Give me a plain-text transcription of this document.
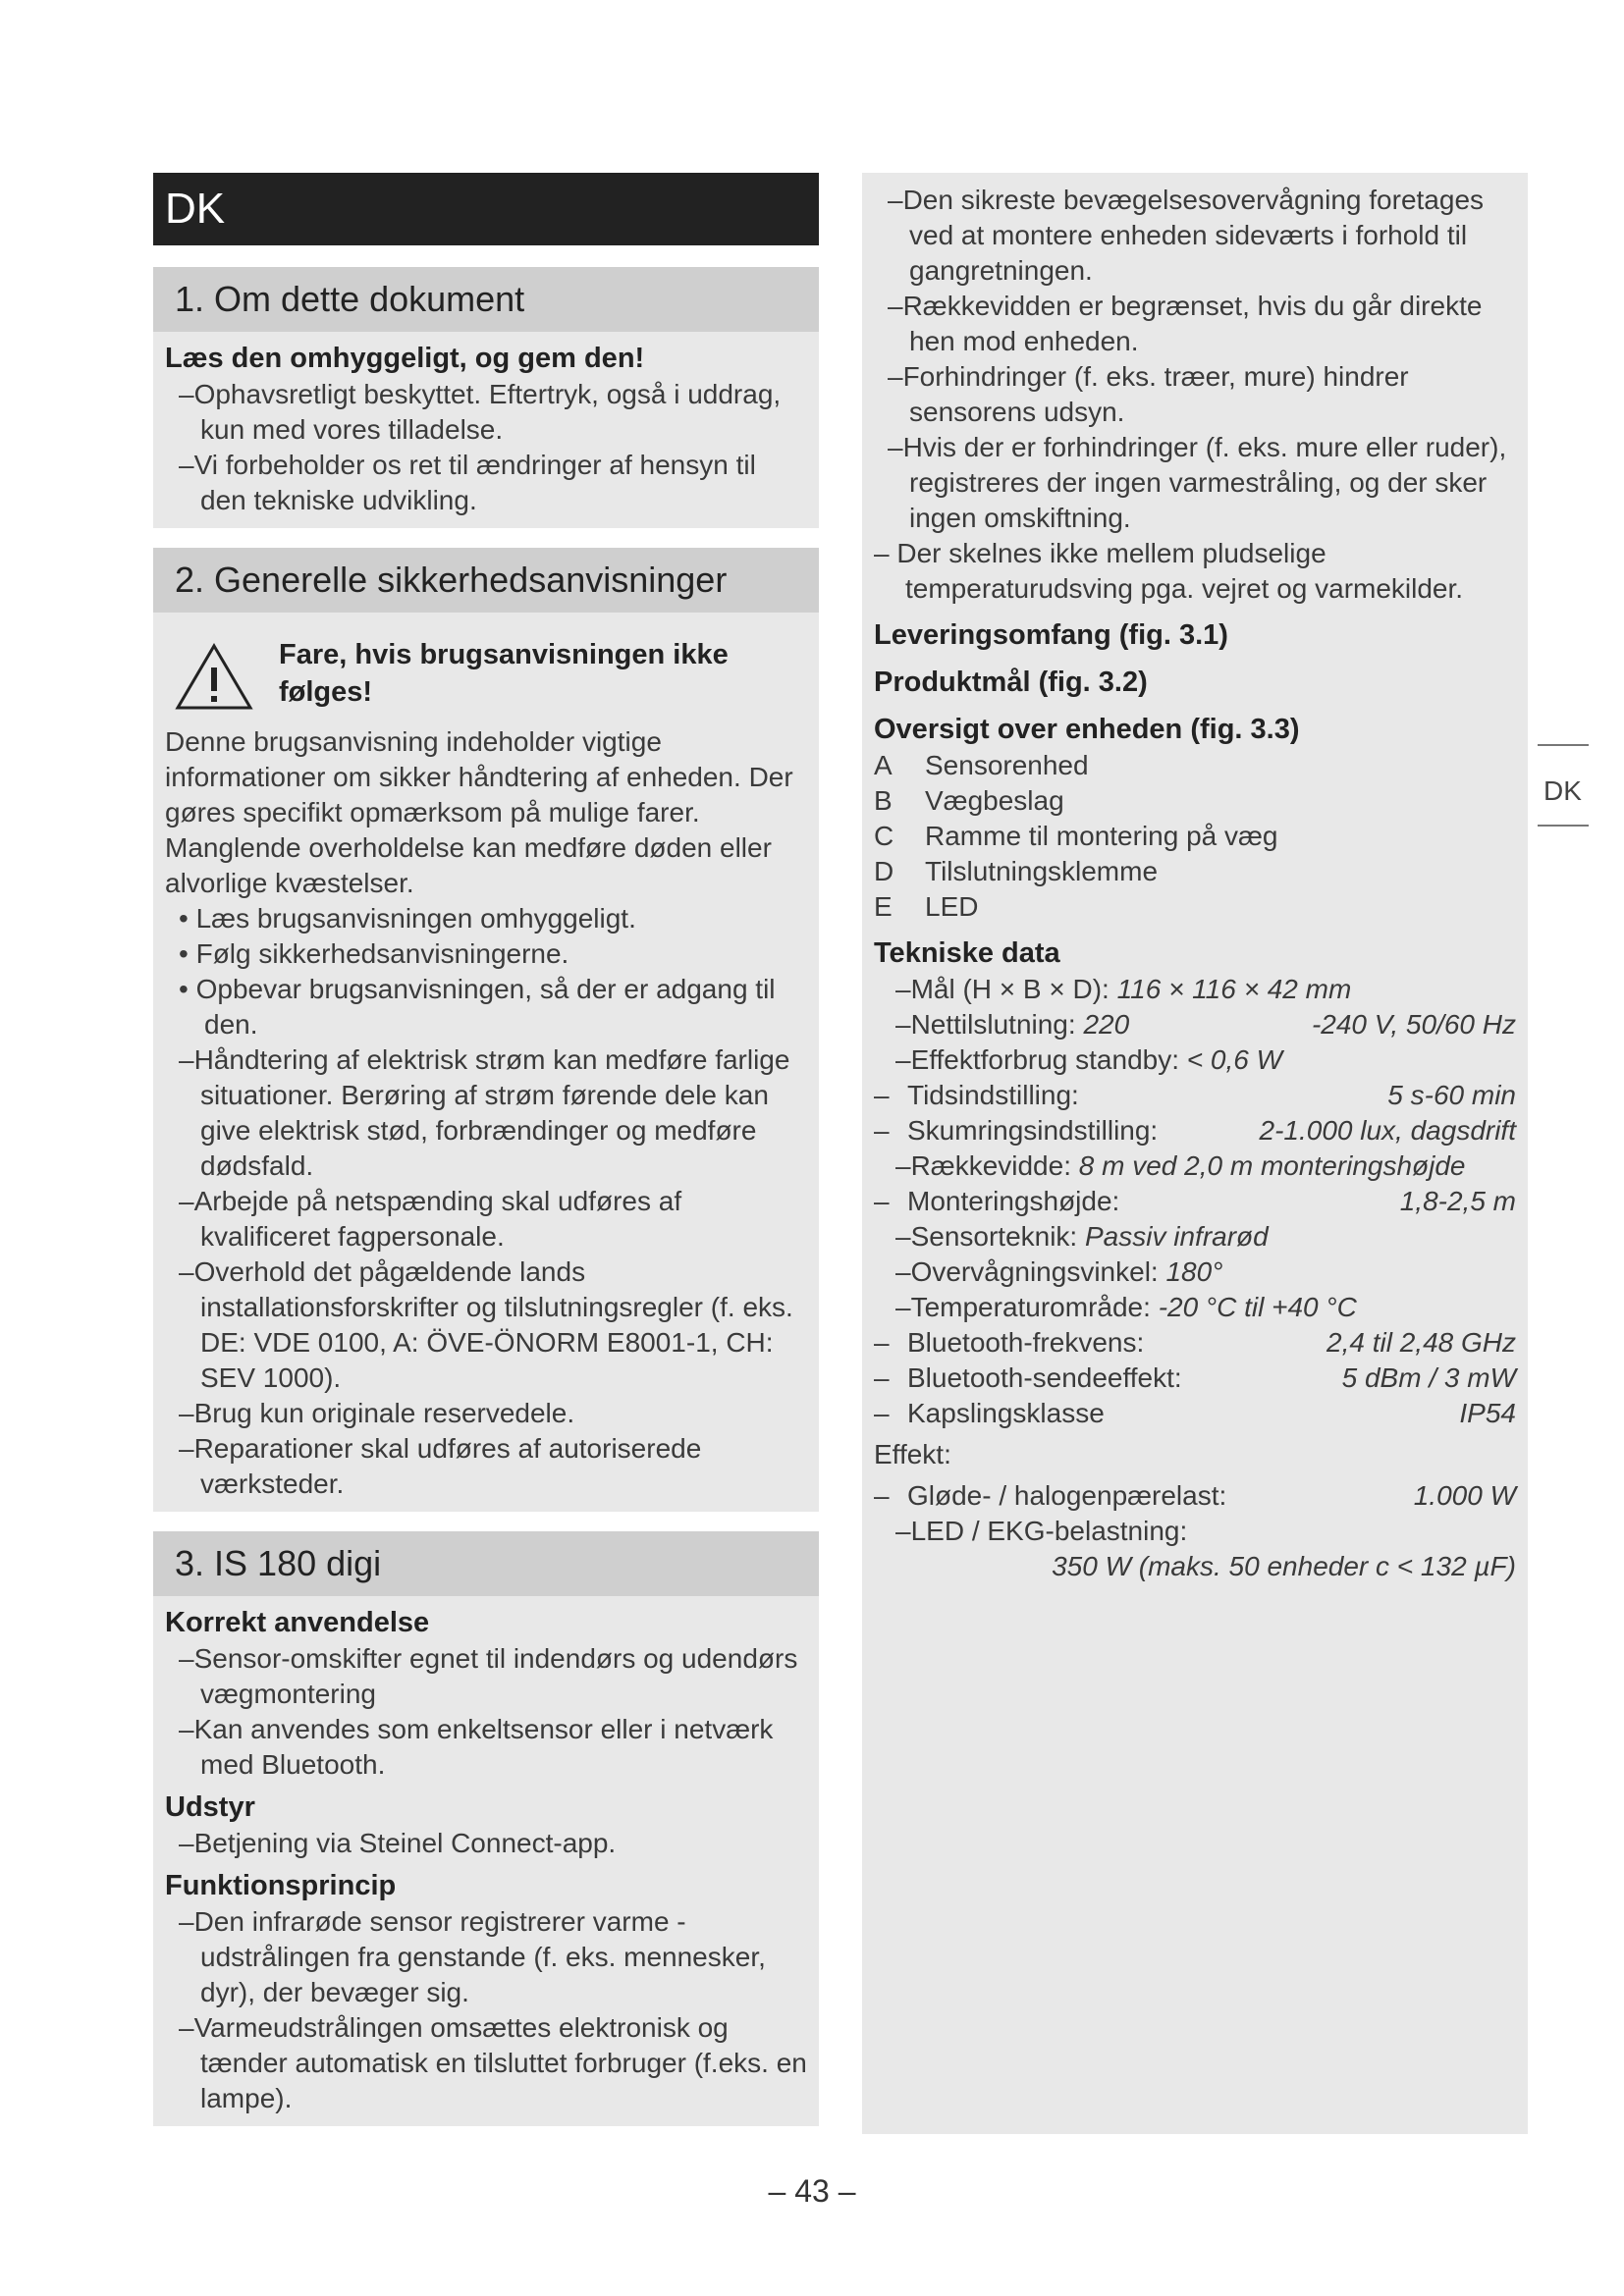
DK
1. Om dette dokument
Læs den omhyggeligt, og gem den!
–Ophavsretligt beskyttet. Eftertryk, også i uddrag, kun med vores tilladelse.
–Vi forbeholder os ret til ændringer af hensyn til den tekniske udvikling.
2. Generelle sikkerhedsanvisninger
Fare, hvis brugsanvisningen ikke
følges!
Denne brugsanvisning indeholder vigtige informationer om sikker håndtering af enheden. Der gøres specifikt opmærksom på mulige farer. Manglende overholdelse kan medføre døden eller alvorlige kvæstelser.
• Læs brugsanvisningen omhyggeligt.
• Følg sikkerhedsanvisningerne.
• Opbevar brugsanvisningen, så der er adgang til den.
–Håndtering af elektrisk strøm kan medføre farlige situationer. Berøring af strøm førende dele kan give elektrisk stød, forbrændinger og medføre dødsfald.
–Arbejde på netspænding skal udføres af kvalificeret fagpersonale.
–Overhold det pågældende lands installationsforskrifter og tilslutningsregler (f. eks. DE: VDE 0100, A: ÖVE-ÖNORM E8001-1, CH: SEV 1000).
–Brug kun originale reservedele.
–Reparationer skal udføres af autoriserede værksteder.
3. IS 180 digi
Korrekt anvendelse
–Sensor-omskifter egnet til indendørs og udendørs vægmontering
–Kan anvendes som enkeltsensor eller i netværk med Bluetooth.
Udstyr
–Betjening via Steinel Connect-app.
Funktionsprincip
–Den infrarøde sensor registrerer varme - udstrålingen fra genstande (f. eks. mennesker, dyr), der bevæger sig.
–Varmeudstrålingen omsættes elektronisk og tænder automatisk en tilsluttet forbruger (f.eks. en lampe).
–Den sikreste bevægelsesovervågning foretages ved at montere enheden sideværts i forhold til gangretningen.
–Rækkevidden er begrænset, hvis du går direkte hen mod enheden.
–Forhindringer (f. eks. træer, mure) hindrer sensorens udsyn.
–Hvis der er forhindringer (f. eks. mure eller ruder), registreres der ingen varmestråling, og der sker ingen omskiftning.
– Der skelnes ikke mellem pludselige temperaturudsving pga. vejret og varmekilder.
Leveringsomfang (fig. 3.1)
Produktmål (fig. 3.2)
Oversigt over enheden (fig. 3.3)
A	Sensorenhed
B	Vægbeslag
C	Ramme til montering på væg
D	Tilslutningsklemme
E	LED
Tekniske data
–Mål (H × B × D):
116 × 116 × 42 mm
–Nettilslutning:
220	-240 V, 50/60 Hz
–Effektforbrug standby:
< 0,6 W
– Tidsindstilling:	5 s-60 min
– Skumringsindstilling:	2-1.000 lux, dagsdrift
–Rækkevidde:
8 m ved 2,0 m monteringshøjde
– Monteringshøjde:	1,8-2,5 m
–Sensorteknik:
Passiv infrarød
–Overvågningsvinkel:
180°
–Temperaturområde:
-20 °C til +40 °C
– Bluetooth-frekvens:	2,4 til 2,48 GHz
– Bluetooth-sendeeffekt:	5 dBm / 3 mW
– Kapslingsklasse	IP54
Effekt:
– Gløde- / halogenpærelast:	1.000 W
–LED / EKG-belastning:
350 W (maks. 50 enheder c < 132 µF)
DK
– 43 –
